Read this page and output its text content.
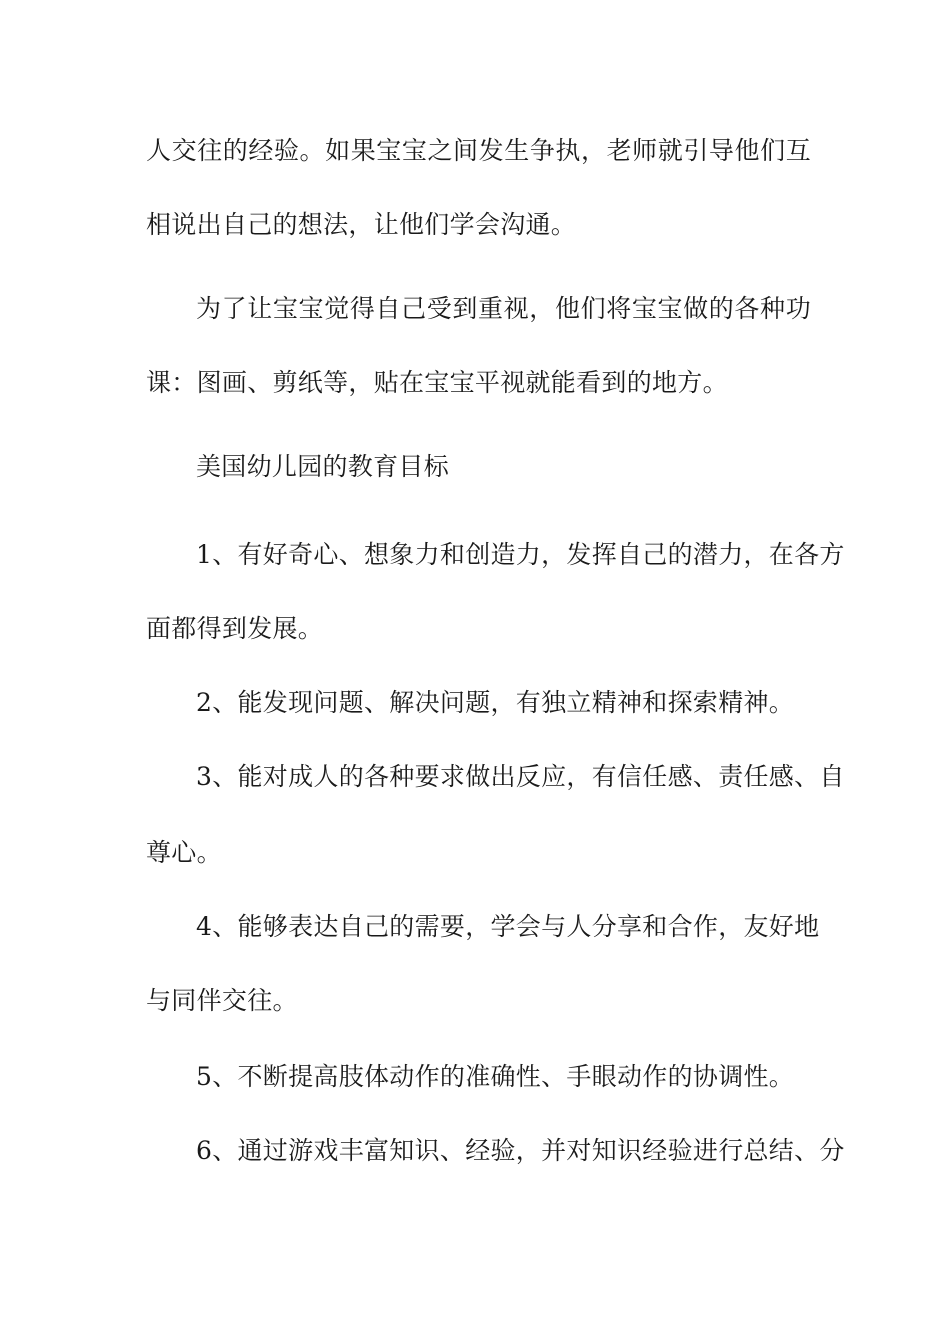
人交往的经验。如果宝宝之间发生争执，老师就引导他们互
相说出自己的想法，让他们学会沟通。
为了让宝宝觉得自己受到重视，他们将宝宝做的各种功
课：图画、剪纸等，贴在宝宝平视就能看到的地方。
美国幼儿园的教育目标
1、有好奇心、想象力和创造力，发挥自己的潜力，在各方
面都得到发展。
2、能发现问题、解决问题，有独立精神和探索精神。
3、能对成人的各种要求做出反应，有信任感、责任感、自
尊心。
4、能够表达自己的需要，学会与人分享和合作，友好地
与同伴交往。
5、不断提高肢体动作的准确性、手眼动作的协调性。
6、通过游戏丰富知识、经验，并对知识经验进行总结、分
